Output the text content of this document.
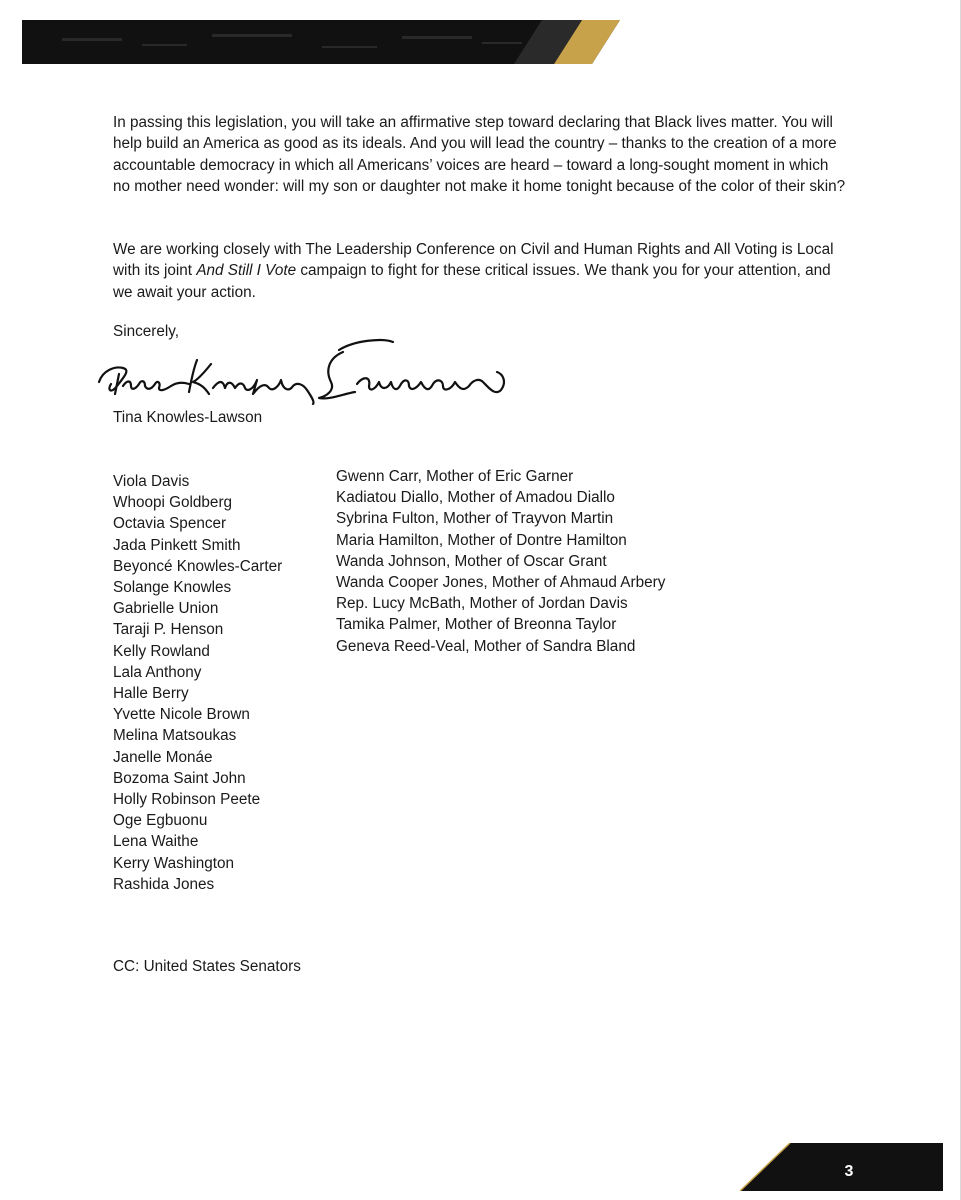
In passing this legislation, you will take an affirmative step toward declaring that Black lives matter. You will help build an America as good as its ideals. And you will lead the country – thanks to the creation of a more accountable democracy in which all Americans’ voices are heard – toward a long-sought moment in which no mother need wonder: will my son or daughter not make it home tonight because of the color of their skin?

We are working closely with The Leadership Conference on Civil and Human Rights and All Voting is Local with its joint And Still I Vote campaign to fight for these critical issues. We thank you for your attention, and we await your action.

Sincerely,
Tina Knowles-Lawson
Viola Davis
Whoopi Goldberg
Octavia Spencer
Jada Pinkett Smith
Beyoncé Knowles-Carter
Solange Knowles
Gabrielle Union
Taraji P. Henson
Kelly Rowland
Lala Anthony
Halle Berry
Yvette Nicole Brown
Melina Matsoukas
Janelle Monáe
Bozoma Saint John
Holly Robinson Peete
Oge Egbuonu
Lena Waithe
Kerry Washington
Rashida Jones
Gwenn Carr, Mother of Eric Garner
Kadiatou Diallo, Mother of Amadou Diallo
Sybrina Fulton, Mother of Trayvon Martin
Maria Hamilton, Mother of Dontre Hamilton
Wanda Johnson, Mother of Oscar Grant
Wanda Cooper Jones, Mother of Ahmaud Arbery
Rep. Lucy McBath, Mother of Jordan Davis
Tamika Palmer, Mother of Breonna Taylor
Geneva Reed-Veal, Mother of Sandra Bland
CC: United States Senators
3
